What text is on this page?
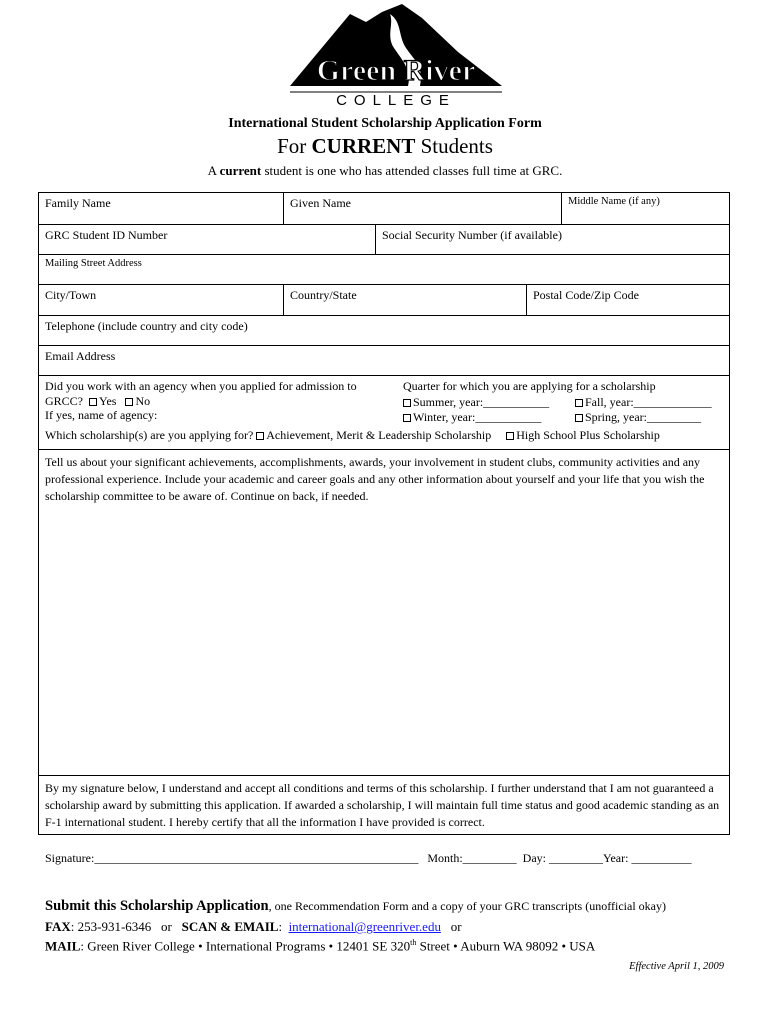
Green River
COLLEGE
International Student Scholarship Application Form
For CURRENT Students
A current student is one who has attended classes full time at GRC.
Family Name	Given Name	Middle Name (if any)
GRC Student ID Number	Social Security Number (if available)
Mailing Street Address
City/Town	Country/State	Postal Code/Zip Code
Telephone (include country and city code)
Email Address
Did you work with an agency when you applied for admission to
GRCC? Yes No
If yes, name of agency:
Quarter for which you are applying for a scholarship
Summer, year:___________	Fall, year:_____________
Winter, year:___________	Spring, year:_________
Which scholarship(s) are you applying for? Achievement, Merit & Leadership Scholarship High School Plus Scholarship
Tell us about your significant achievements, accomplishments, awards, your involvement in student clubs, community activities and any professional experience. Include your academic and career goals and any other information about yourself and your life that you wish the scholarship committee to be aware of. Continue on back, if needed.
By my signature below, I understand and accept all conditions and terms of this scholarship. I further understand that I am not guaranteed a scholarship award by submitting this application. If awarded a scholarship, I will maintain full time status and good academic standing as an F-1 international student. I hereby certify that all the information I have provided is correct.
Signature:______________________________________________________ Month:_________ Day: _________Year: __________
Submit this Scholarship Application, one Recommendation Form and a copy of your GRC transcripts (unofficial okay)
FAX: 253-931-6346 or SCAN & EMAIL:  international@greenriver.edu or
MAIL: Green River College • International Programs • 12401 SE 320th Street • Auburn WA 98092 • USA
Effective April 1, 2009
